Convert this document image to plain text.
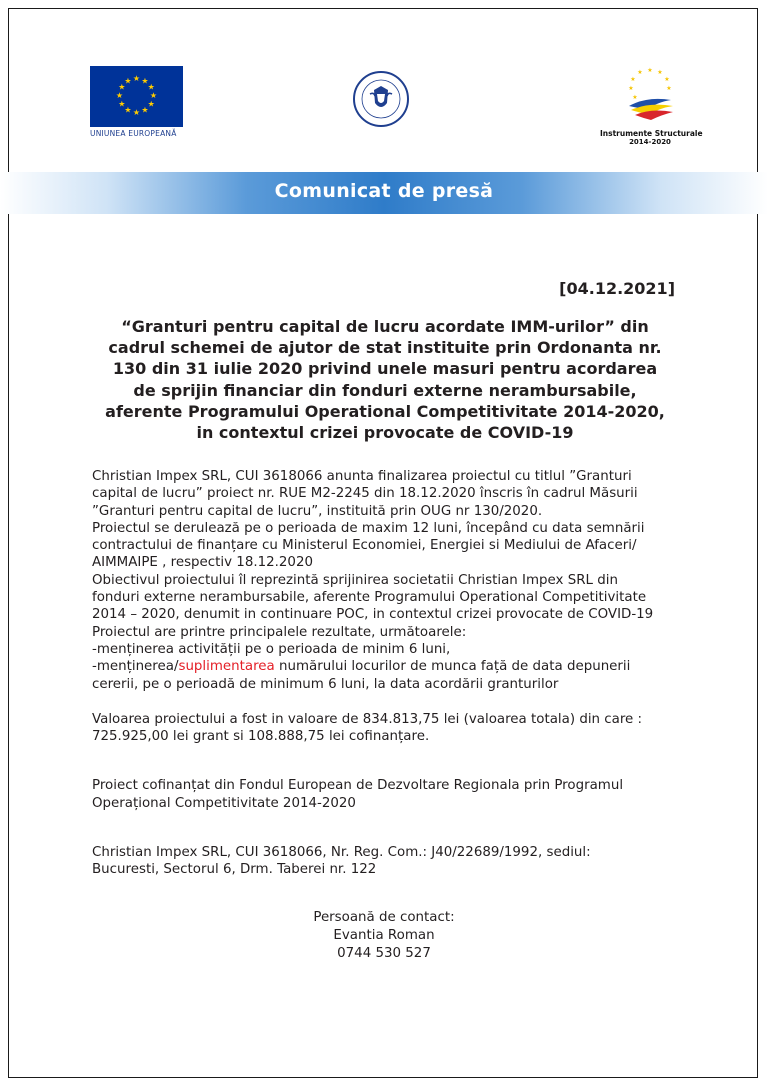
★ ★
★
★
★
★
★
★
★
★
★
★
UNIUNEA EUROPEANĂ
★ ★
★
★
★
★
★
★
Instrumente Structurale
2014-2020
Comunicat de presă
[04.12.2021]
“Granturi pentru capital de lucru acordate IMM-urilor” din
cadrul schemei de ajutor de stat instituite prin Ordonanta nr.
130 din 31 iulie 2020 privind unele masuri pentru acordarea
de sprijin financiar din fonduri externe nerambursabile,
aferente Programului Operational Competitivitate 2014-2020,
in contextul crizei provocate de COVID-19
Christian Impex SRL, CUI 3618066 anunta finalizarea proiectul cu titlul ”Granturi
capital de lucru” proiect nr. RUE M2-2245 din 18.12.2020 înscris în cadrul Măsurii
”Granturi pentru capital de lucru”, instituită prin OUG nr 130/2020.
Proiectul se derulează pe o perioada de maxim 12 luni, începând cu data semnării
contractului de finanțare cu Ministerul Economiei, Energiei si Mediului de Afaceri/
AIMMAIPE , respectiv 18.12.2020
Obiectivul proiectului îl reprezintă sprijinirea societatii Christian Impex SRL din
fonduri externe nerambursabile, aferente Programului Operational Competitivitate
2014 – 2020, denumit in continuare POC, in contextul crizei provocate de COVID-19
Proiectul are printre principalele rezultate, următoarele:
-menținerea activității pe o perioada de minim 6 luni,
-menținerea/suplimentarea numărului locurilor de munca față de data depunerii
cererii, pe o perioadă de minimum 6 luni, la data acordării granturilor
Valoarea proiectului a fost in valoare de 834.813,75 lei (valoarea totala) din care :
725.925,00 lei grant si 108.888,75 lei cofinanțare.
Proiect cofinanțat din Fondul European de Dezvoltare Regionala prin Programul
Operațional Competitivitate 2014-2020
Christian Impex SRL, CUI 3618066, Nr. Reg. Com.: J40/22689/1992, sediul:
Bucuresti, Sectorul 6, Drm. Taberei nr. 122
Persoană de contact:
Evantia Roman
0744 530 527
